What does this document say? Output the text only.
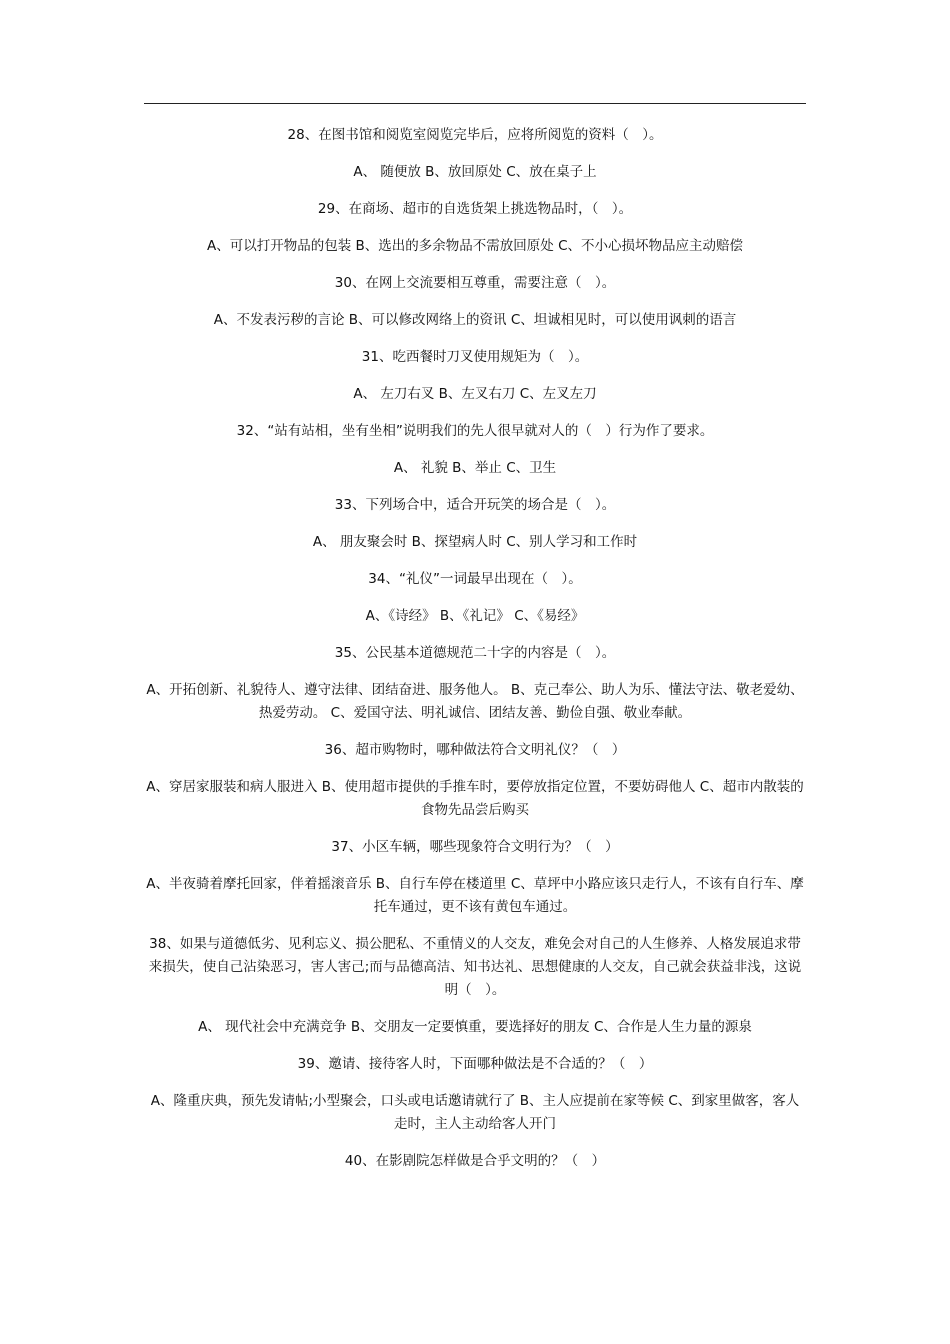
28、在图书馆和阅览室阅览完毕后，应将所阅览的资料（　）。

A、 随便放 B、放回原处 C、放在桌子上

29、在商场、超市的自选货架上挑选物品时，（　）。

A、可以打开物品的包装 B、选出的多余物品不需放回原处 C、不小心损坏物品应主动赔偿

30、在网上交流要相互尊重，需要注意（　）。

A、不发表污秽的言论 B、可以修改网络上的资讯 C、坦诚相见时，可以使用讽刺的语言

31、吃西餐时刀叉使用规矩为（　）。

A、 左刀右叉 B、左叉右刀 C、左叉左刀

32、“站有站相，坐有坐相”说明我们的先人很早就对人的（　）行为作了要求。

A、 礼貌 B、举止 C、卫生

33、下列场合中，适合开玩笑的场合是（　）。

A、 朋友聚会时 B、探望病人时 C、别人学习和工作时

34、“礼仪”一词最早出现在（　）。

A、《诗经》 B、《礼记》 C、《易经》

35、公民基本道德规范二十字的内容是（　）。

A、开拓创新、礼貌待人、遵守法律、团结奋进、服务他人。 B、克己奉公、助人为乐、懂法守法、敬老爱幼、热爱劳动。 C、爱国守法、明礼诚信、团结友善、勤俭自强、敬业奉献。

36、超市购物时，哪种做法符合文明礼仪？（　）

A、穿居家服装和病人服进入 B、使用超市提供的手推车时，要停放指定位置，不要妨碍他人 C、超市内散装的食物先品尝后购买

37、小区车辆，哪些现象符合文明行为？（　）

A、半夜骑着摩托回家，伴着摇滚音乐 B、自行车停在楼道里 C、草坪中小路应该只走行人，不该有自行车、摩托车通过，更不该有黄包车通过。

38、如果与道德低劣、见利忘义、损公肥私、不重情义的人交友，难免会对自己的人生修养、人格发展追求带来损失，使自己沾染恶习，害人害己;而与品德高洁、知书达礼、思想健康的人交友，自己就会获益非浅，这说明（　）。

A、 现代社会中充满竞争 B、交朋友一定要慎重，要选择好的朋友 C、合作是人生力量的源泉

39、邀请、接待客人时，下面哪种做法是不合适的？（　）

A、隆重庆典，预先发请帖;小型聚会，口头或电话邀请就行了 B、主人应提前在家等候 C、到家里做客，客人走时，主人主动给客人开门

40、在影剧院怎样做是合乎文明的？（　）
